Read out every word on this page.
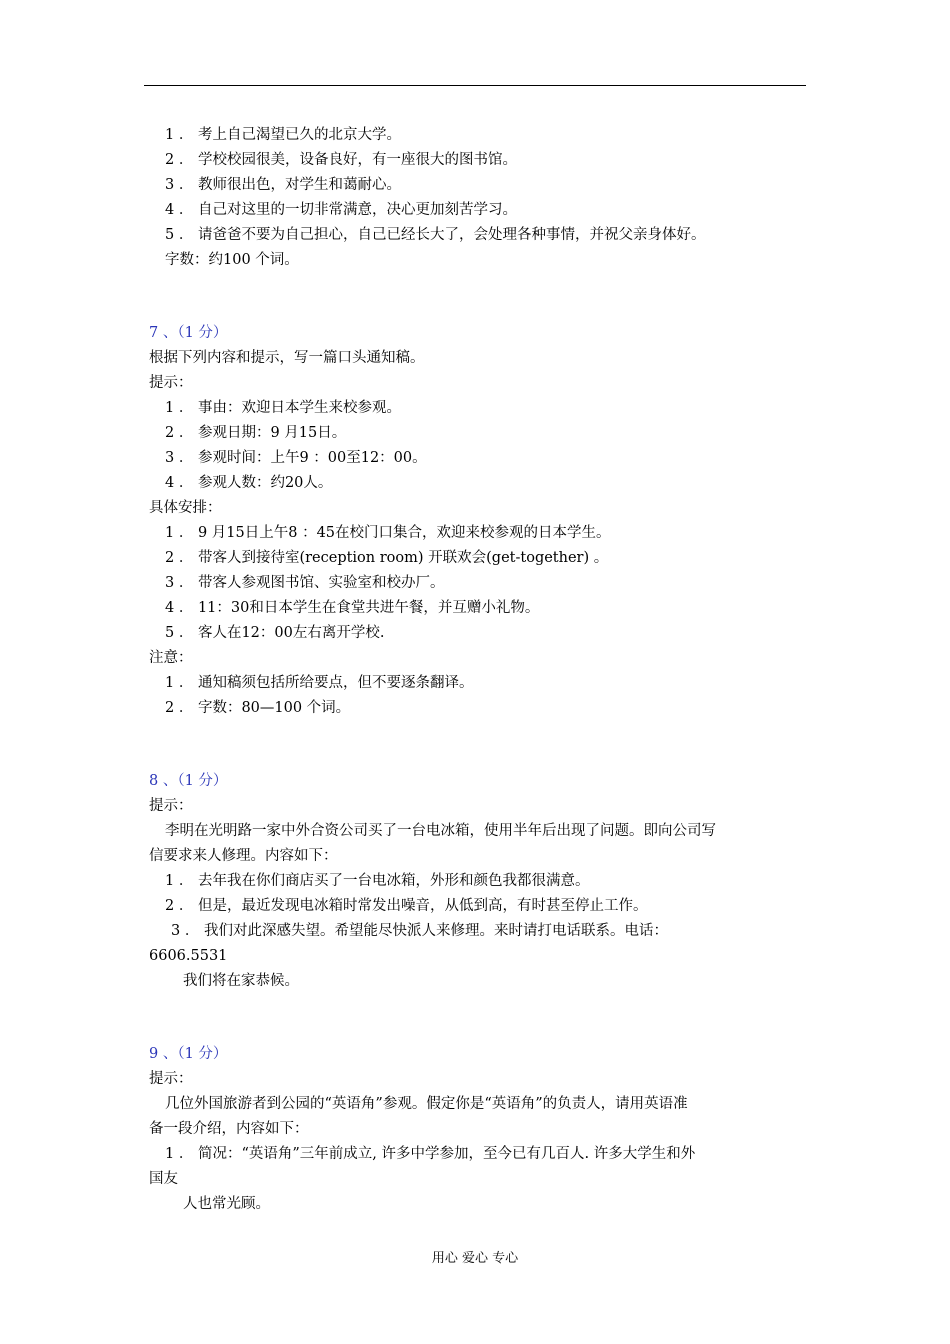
1 ． 考上自己渴望已久的北京大学。
2 ． 学校校园很美，设备良好，有一座很大的图书馆。
3 ． 教师很出色，对学生和蔼耐心。
4 ． 自己对这里的一切非常满意，决心更加刻苦学习。
5 ． 请爸爸不要为自己担心，自己已经长大了，会处理各种事情，并祝父亲身体好。
字数：约100 个词。
7 、（1 分）
根据下列内容和提示，写一篇口头通知稿。
提示：
1 ． 事由：欢迎日本学生来校参观。
2 ． 参观日期：9 月15日。
3 ． 参观时间：上午9 ：00至12：00。
4 ． 参观人数：约20人。
具体安排：
1 ． 9 月15日上午8 ：45在校门口集合，欢迎来校参观的日本学生。
2 ． 带客人到接待室(reception room) 开联欢会(get-together) 。
3 ． 带客人参观图书馆、实验室和校办厂。
4 ． 11：30和日本学生在食堂共进午餐，并互赠小礼物。
5 ． 客人在12：00左右离开学校.
注意：
1 ． 通知稿须包括所给要点，但不要逐条翻译。
2 ． 字数：80—100 个词。
8 、（1 分）
提示：
李明在光明路一家中外合资公司买了一台电冰箱，使用半年后出现了问题。即向公司写
信要求来人修理。内容如下：
1 ． 去年我在你们商店买了一台电冰箱，外形和颜色我都很满意。
2 ． 但是，最近发现电冰箱时常发出噪音，从低到高，有时甚至停止工作。
3 ． 我们对此深感失望。希望能尽快派人来修理。来时请打电话联系。电话：
6606.5531
我们将在家恭候。
9 、（1 分）
提示：
几位外国旅游者到公园的“英语角”参观。假定你是“英语角”的负责人，请用英语准
备一段介绍，内容如下：
1 ． 简况：“英语角”三年前成立, 许多中学参加，至今已有几百人. 许多大学生和外
国友
人也常光顾。
用心 爱心 专心
